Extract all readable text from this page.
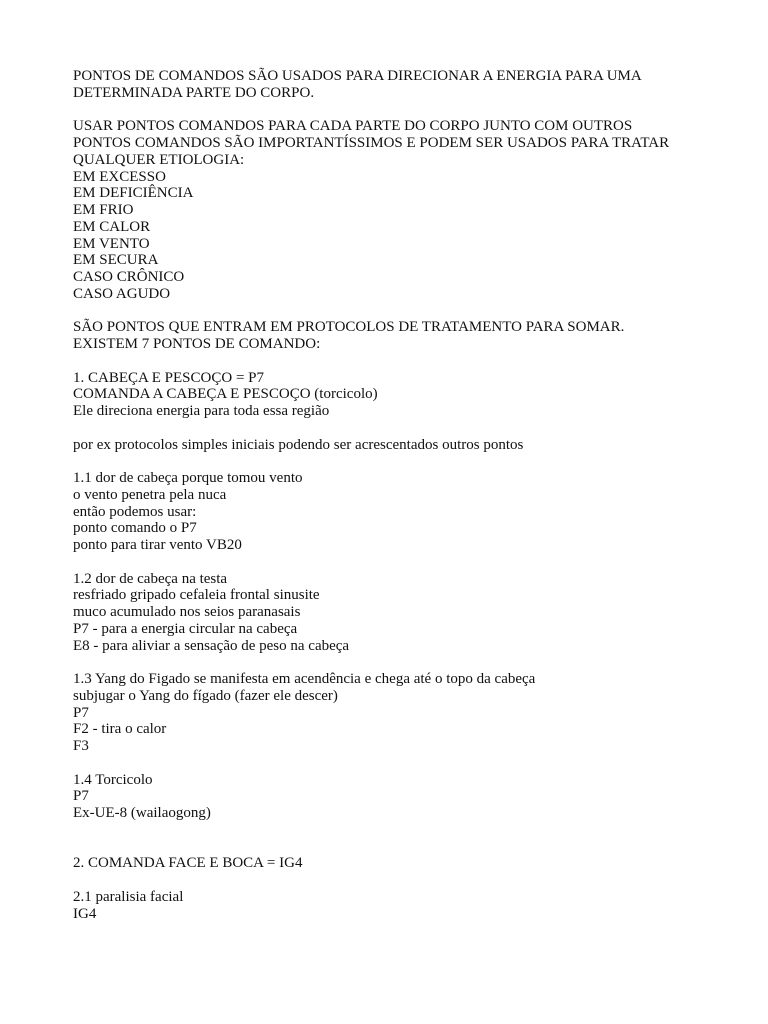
PONTOS DE COMANDOS SÃO USADOS PARA DIRECIONAR A ENERGIA PARA UMA
DETERMINADA PARTE DO CORPO.
USAR PONTOS COMANDOS PARA CADA PARTE DO CORPO JUNTO COM OUTROS
PONTOS COMANDOS SÃO IMPORTANTÍSSIMOS E PODEM SER USADOS PARA TRATAR
QUALQUER ETIOLOGIA:
EM EXCESSO
EM DEFICIÊNCIA
EM FRIO
EM CALOR
EM VENTO
EM SECURA
CASO CRÔNICO
CASO AGUDO
SÃO PONTOS QUE ENTRAM EM PROTOCOLOS DE TRATAMENTO PARA SOMAR.
EXISTEM 7 PONTOS DE COMANDO:
1. CABEÇA E PESCOÇO = P7
COMANDA A CABEÇA E PESCOÇO (torcicolo)
Ele direciona energia para toda essa região
por ex protocolos simples iniciais podendo ser acrescentados outros pontos
1.1 dor de cabeça porque tomou vento
o vento penetra pela nuca
então podemos usar:
ponto comando o P7
ponto para tirar vento VB20
1.2 dor de cabeça na testa
resfriado gripado cefaleia frontal sinusite
muco acumulado nos seios paranasais
P7 - para a energia circular na cabeça
E8 - para aliviar a sensação de peso na cabeça
1.3 Yang do Figado se manifesta em acendência e chega até o topo da cabeça
subjugar o Yang do fígado (fazer ele descer)
P7
F2 - tira o calor
F3
1.4 Torcicolo
P7
Ex-UE-8 (wailaogong)
2. COMANDA FACE E BOCA = IG4
2.1 paralisia facial
IG4
